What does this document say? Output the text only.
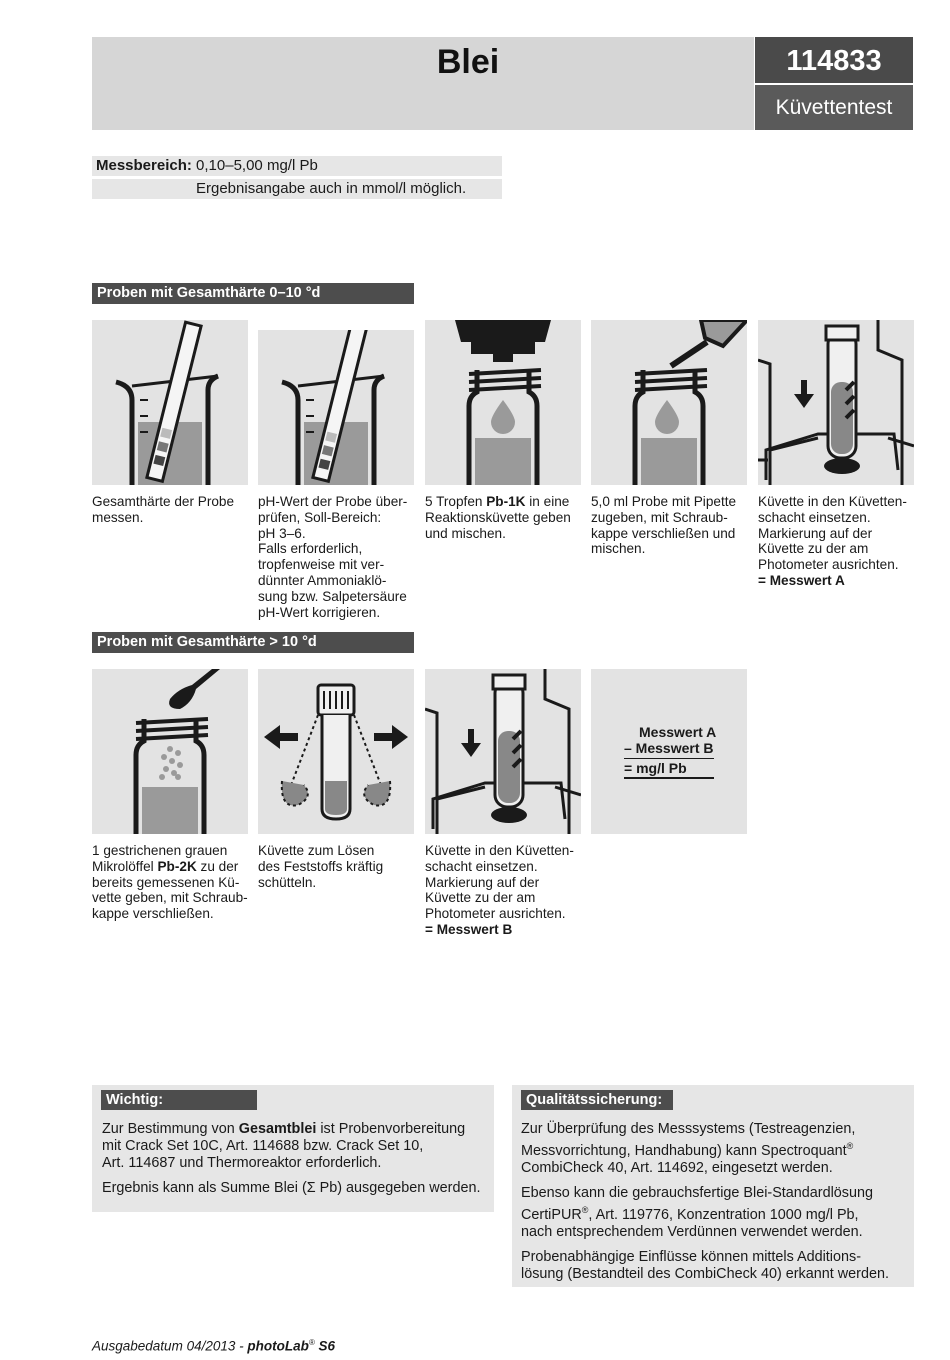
Blei	114833
Küvettentest
Messbereich: 0,10–5,00 mg/l Pb
Ergebnisangabe auch in mmol/l möglich.
Proben mit Gesamthärte 0–10 °d
Gesamthärte der Probe
messen.
pH-Wert der Probe über-
prüfen, Soll-Bereich:
pH 3–6.
Falls erforderlich,
tropfenweise mit ver-
dünnter Ammoniaklö-
sung bzw. Salpetersäure
pH-Wert korrigieren.
5 Tropfen Pb-1K in eine
Reaktionsküvette geben
und mischen.
5,0 ml Probe mit Pipette
zugeben, mit Schraub-
kappe verschließen und
mischen.
Küvette in den Küvetten-
schacht einsetzen.
Markierung auf der
Küvette zu der am
Photometer ausrichten.
= Messwert A
Proben mit Gesamthärte > 10 °d
Messwert A
– Messwert B
= mg/l Pb
1 gestrichenen grauen
Mikrolöffel Pb-2K zu der
bereits gemessenen Kü-
vette geben, mit Schraub-
kappe verschließen.
Küvette zum Lösen
des Feststoffs kräftig
schütteln.
Küvette in den Küvetten-
schacht einsetzen.
Markierung auf der
Küvette zu der am
Photometer ausrichten.
= Messwert B
Wichtig:

Zur Bestimmung von Gesamtblei ist Probenvorbereitung
mit Crack Set 10C, Art. 114688 bzw. Crack Set 10,
Art. 114687 und Thermoreaktor erforderlich.

Ergebnis kann als Summe Blei (Σ Pb) ausgegeben werden.

Qualitätssicherung:

Zur Überprüfung des Messsystems (Testreagenzien,
Messvorrichtung, Handhabung) kann Spectroquant®
CombiCheck 40, Art. 114692, eingesetzt werden.

Ebenso kann die gebrauchsfertige Blei-Standardlösung
CertiPUR®, Art. 119776, Konzentration 1000 mg/l Pb,
nach entsprechendem Verdünnen verwendet werden.

Probenabhängige Einflüsse können mittels Additions-
lösung (Bestandteil des CombiCheck 40) erkannt werden.

Ausgabedatum 04/2013 - photoLab® S6
